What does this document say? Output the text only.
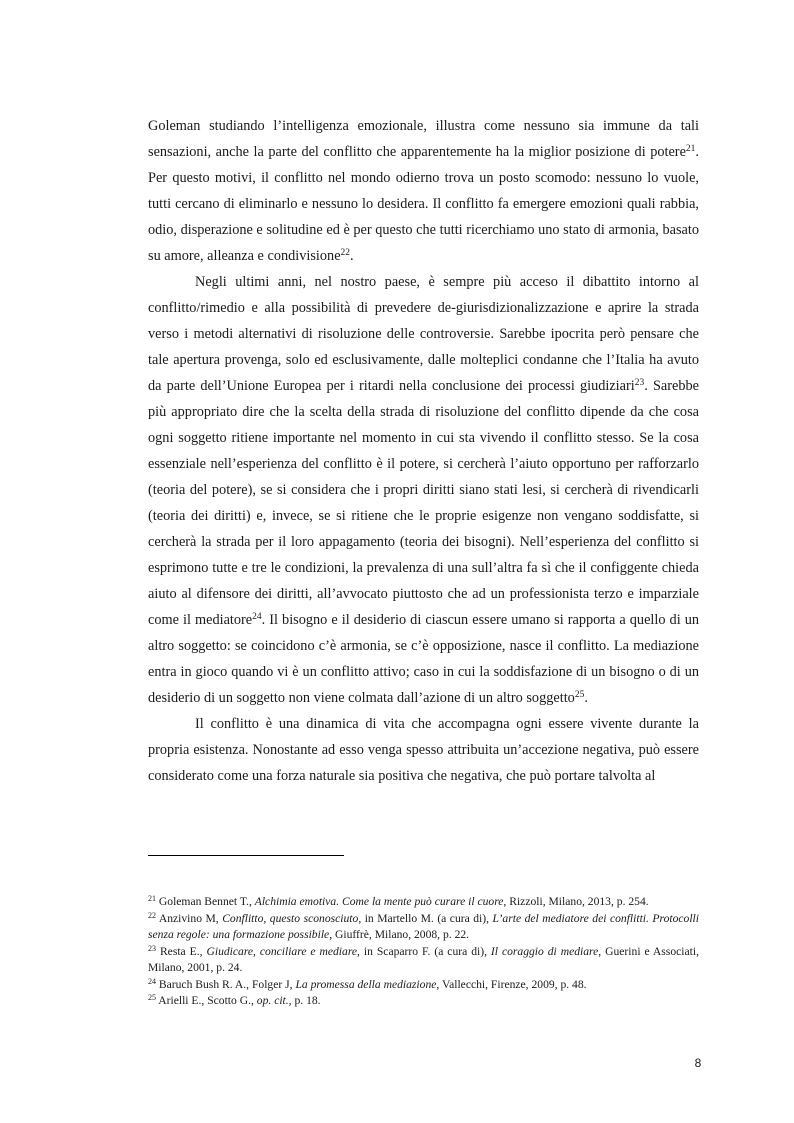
Goleman studiando l’intelligenza emozionale, illustra come nessuno sia immune da tali sensazioni, anche la parte del conflitto che apparentemente ha la miglior posizione di potere$^{21}$. Per questo motivi, il conflitto nel mondo odierno trova un posto scomodo: nessuno lo vuole, tutti cercano di eliminarlo e nessuno lo desidera. Il conflitto fa emergere emozioni quali rabbia, odio, disperazione e solitudine ed è per questo che tutti ricerchiamo uno stato di armonia, basato su amore, alleanza e condivisione$^{22}$.

Negli ultimi anni, nel nostro paese, è sempre più acceso il dibattito intorno al conflitto/rimedio e alla possibilità di prevedere de-giurisdizionalizzazione e aprire la strada verso i metodi alternativi di risoluzione delle controversie. Sarebbe ipocrita però pensare che tale apertura provenga, solo ed esclusivamente, dalle molteplici condanne che l’Italia ha avuto da parte dell’Unione Europea per i ritardi nella conclusione dei processi giudiziari$^{23}$. Sarebbe più appropriato dire che la scelta della strada di risoluzione del conflitto dipende da che cosa ogni soggetto ritiene importante nel momento in cui sta vivendo il conflitto stesso. Se la cosa essenziale nell’esperienza del conflitto è il potere, si cercherà l’aiuto opportuno per rafforzarlo (teoria del potere), se si considera che i propri diritti siano stati lesi, si cercherà di rivendicarli (teoria dei diritti) e, invece, se si ritiene che le proprie esigenze non vengano soddisfatte, si cercherà la strada per il loro appagamento (teoria dei bisogni). Nell’esperienza del conflitto si esprimono tutte e tre le condizioni, la prevalenza di una sull’altra fa sì che il configgente chieda aiuto al difensore dei diritti, all’avvocato piuttosto che ad un professionista terzo e imparziale come il mediatore$^{24}$. Il bisogno e il desiderio di ciascun essere umano si rapporta a quello di un altro soggetto: se coincidono c’è armonia, se c’è opposizione, nasce il conflitto. La mediazione entra in gioco quando vi è un conflitto attivo; caso in cui la soddisfazione di un bisogno o di un desiderio di un soggetto non viene colmata dall’azione di un altro soggetto$^{25}$.

Il conflitto è una dinamica di vita che accompagna ogni essere vivente durante la propria esistenza. Nonostante ad esso venga spesso attribuita un’accezione negativa, può essere considerato come una forza naturale sia positiva che negativa, che può portare talvolta al

$^{21}$ Goleman Bennet T., Alchimia emotiva. Come la mente può curare il cuore, Rizzoli, Milano, 2013, p. 254.

$^{22}$ Anzivino M, Conflitto, questo sconosciuto, in Martello M. (a cura di), L’arte del mediatore dei conflitti. Protocolli senza regole: una formazione possibile, Giuffrè, Milano, 2008, p. 22.

$^{23}$ Resta E., Giudicare, conciliare e mediare, in Scaparro F. (a cura di), Il coraggio di mediare, Guerini e Associati, Milano, 2001, p. 24.

$^{24}$ Baruch Bush R. A., Folger J, La promessa della mediazione, Vallecchi, Firenze, 2009, p. 48.

$^{25}$ Arielli E., Scotto G., op. cit., p. 18.

8
